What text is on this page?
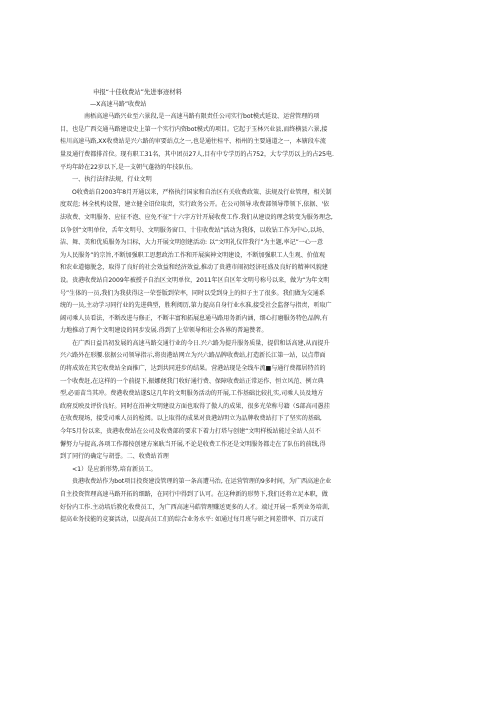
申报“十佳收费站”先进事迹材料
—X高速马路”收费站
南梧高速马路兴业至六景段,是一高速马路有限责任公司实行bot模式延设、运营管理的项
目，也是广西交通马路建设史上第一个实行内资bot模式的项目。它起于玉林兴业县,而终横县六景,接
桂川高速马路,XX收费站是兴六路的审要站点之一,也是通往桂平、梧州的主要通道之一，本辖段车流
量及通行费都排首位。现有职工31名，其中团员27人,目有中专学历的占752，大专学历以上的占25电.
平均年龄在22岁以下,是一支朝气蓬勃的年技队伍。
一、执行法律法规，行业文明
O收费站自2003年8月开通以来，严格执行国家和自治区有关收费政策、法规及行业管理，相关制
度双范; 林全机构设置，建立健全诏位取责，实行政务公开。在公司领导.收费部领导带领下,依据、'依
法收费、文明服务、应征不泡、应免不征”十六字方针开展收费工作.我们从建设的理念转变为服务理念,
以争创“文明单位，舌年文明号、文明服务窗口、十佳收费站”活动为我体，以收钻工作为中心,以场、
洁、舞、美和优质服务为目标，大力开展文明创建活动: 以“文明礼仪伴我行”为主题,率记”一心一意
为人民服务”的宗旨,不断加强职工思想政治工作和开展演神文明建设，不断加强职工人生观、价值观
和农业道德脱念，取得了良好的社会效益和经济效益,推动了贵港市闹初经济旺盛及良好的精神风貌建
设。贵港收费站自2009年被授予自治区文明单位，2011年区自区年文明号称号以来，做为“为年文明
号”生体的一员,我们为我获得这一荣誉版到荣率，同时以受到身上的担子主了很多。我们做为交通系
统的一员,主动学习同行业的先进典型，胜利阅历,第力提高自身行业水准,接受社会监督与指责，听取广
阔司乘人员看法，不断改进与修正，不断丰富和拓展息通马路用务新内涵，细心打磨服务特色品牌,有
力地推动了两个文明建设的同步发展.得到了上荤领导和社会各界的普遍赞者。
在广西日益昌初发展的高速马路交通行业的今日.兴六路为提升服务质量，提倡和话高建,从而提升
兴六路外在形腰.依据公司领导指示,将贵港站网立为兴六路品牌收费站,打造新长江第一站，以点带面
的将成效在其它收费站全面推广，达到共同进步的结果。营港站现是全线车流■与通行费都居特首的
一个收费赶,在这样的一个前提下,振娜便我门收好通行费、保障收费站正常运作、恒立风范、例立典
型,必需苗当其冲。费港收费站遂S这几年的文明服务活动的开展,工作基础比较扎实,司乘人员及地方
政府反映及评价良好。同时在沿神文明建设方面也取得了傲人的成果，很多光荣称号籍（S部高司愚挂
在收费现场，接受司乘人员的检阅。以上取得的成果对贵港站明立为品牌收费站打下了坚实的基础,
今年5月份以来，贵港收费站在公司及收费部的要求下着力打塔与创建“文明样板站能过全站人员不
懈努力与提高,各项工作都按创建方案耿当开展,不论是收费工作还是文明服务都走在了队伍的前线,得
到了同行的确定与胡誉。二、收费站首理
<1）是应新形势,培育新员工。
贵港收费站作为bot项目投资建没管理的第一条高遭马治, 在运营管理的9多时间，为广西高速企业
自主投资管理高速马路开拓的细路，在同行中得到了认可。在这种新的形势下,我们还将立足本职，做
好份内工作.主动培后教化收费员工，为广西高速马皓管理赚送更多的人才。端过开展一系列业务培训,
提高业务技能的竞赛活动，以提高员工们的综合业务水平: 如通过每月班与研之间差错率、百万或百
